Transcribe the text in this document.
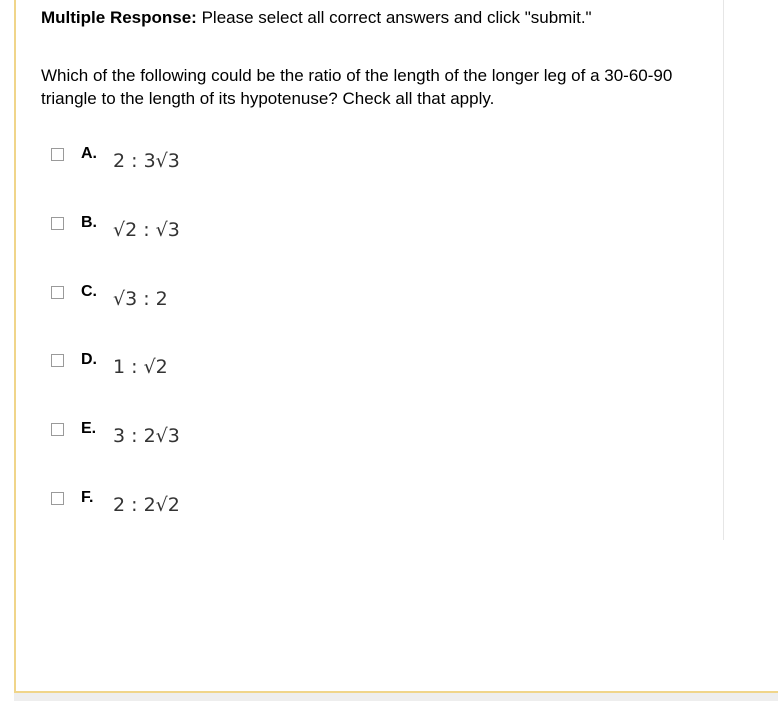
Multiple Response: Please select all correct answers and click "submit."
Which of the following could be the ratio of the length of the longer leg of a 30-60-90 triangle to the length of its hypotenuse? Check all that apply.
A. 2 : 3√3
B. √2 : √3
C. √3 : 2
D. 1 : √2
E. 3 : 2√3
F. 2 : 2√2
